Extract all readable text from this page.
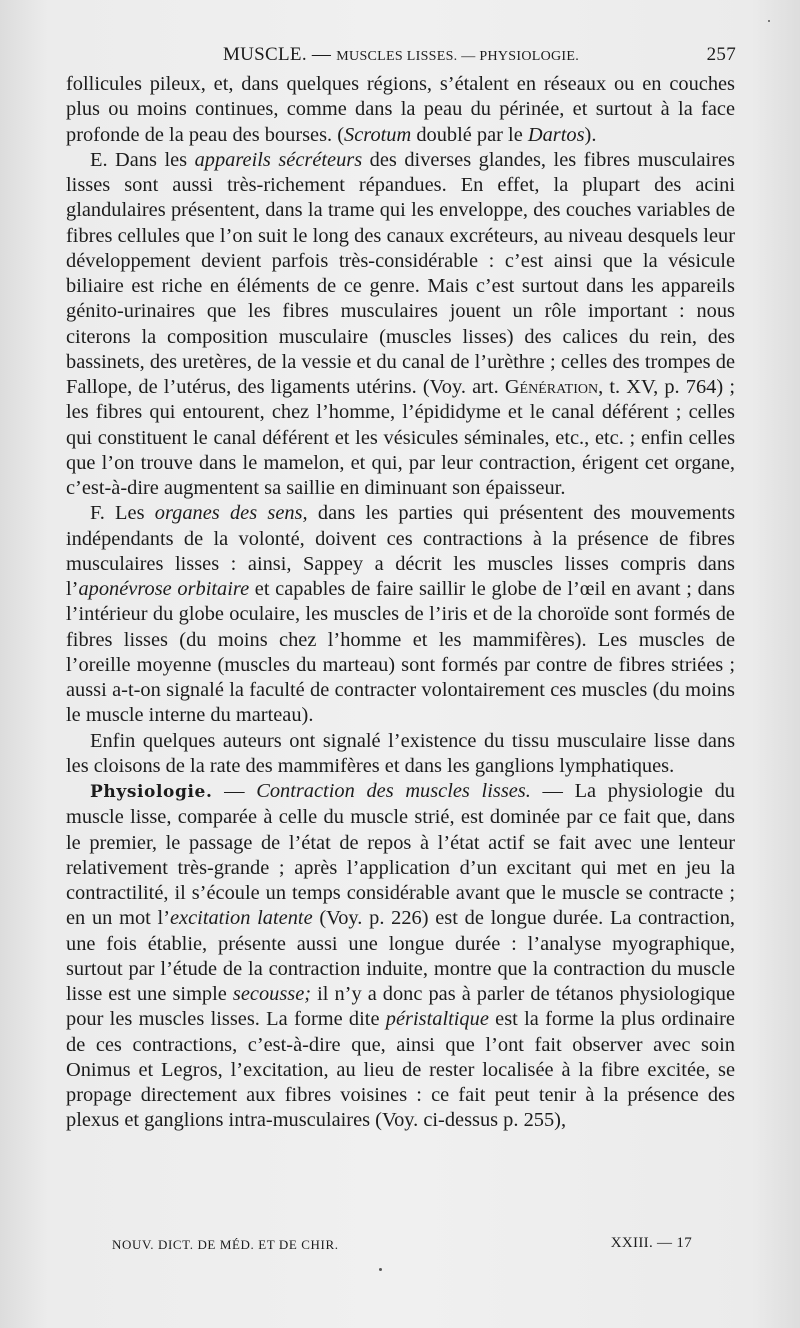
MUSCLE. — MUSCLES LISSES. — PHYSIOLOGIE.	257

follicules pileux, et, dans quelques régions, s’étalent en réseaux ou en couches plus ou moins continues, comme dans la peau du périnée, et surtout à la face profonde de la peau des bourses. (Scrotum doublé par le Dartos).

E. Dans les appareils sécréteurs des diverses glandes, les fibres musculaires lisses sont aussi très-richement répandues. En effet, la plupart des acini glandulaires présentent, dans la trame qui les enveloppe, des couches variables de fibres cellules que l’on suit le long des canaux excréteurs, au niveau desquels leur développement devient parfois très-considérable : c’est ainsi que la vésicule biliaire est riche en éléments de ce genre. Mais c’est surtout dans les appareils génito-urinaires que les fibres musculaires jouent un rôle important : nous citerons la composition musculaire (muscles lisses) des calices du rein, des bassinets, des uretères, de la vessie et du canal de l’urèthre ; celles des trompes de Fallope, de l’utérus, des ligaments utérins. (Voy. art. Génération, t. XV, p. 764) ; les fibres qui entourent, chez l’homme, l’épididyme et le canal déférent ; celles qui constituent le canal déférent et les vésicules séminales, etc., etc. ; enfin celles que l’on trouve dans le mamelon, et qui, par leur contraction, érigent cet organe, c’est-à-dire augmentent sa saillie en diminuant son épaisseur.

F. Les organes des sens, dans les parties qui présentent des mouvements indépendants de la volonté, doivent ces contractions à la présence de fibres musculaires lisses : ainsi, Sappey a décrit les muscles lisses compris dans l’aponévrose orbitaire et capables de faire saillir le globe de l’œil en avant ; dans l’intérieur du globe oculaire, les muscles de l’iris et de la choroïde sont formés de fibres lisses (du moins chez l’homme et les mammifères). Les muscles de l’oreille moyenne (muscles du marteau) sont formés par contre de fibres striées ; aussi a-t-on signalé la faculté de contracter volontairement ces muscles (du moins le muscle interne du marteau).

Enfin quelques auteurs ont signalé l’existence du tissu musculaire lisse dans les cloisons de la rate des mammifères et dans les ganglions lymphatiques.

Physiologie. — Contraction des muscles lisses. — La physiologie du muscle lisse, comparée à celle du muscle strié, est dominée par ce fait que, dans le premier, le passage de l’état de repos à l’état actif se fait avec une lenteur relativement très-grande ; après l’application d’un excitant qui met en jeu la contractilité, il s’écoule un temps considérable avant que le muscle se contracte ; en un mot l’excitation latente (Voy. p. 226) est de longue durée. La contraction, une fois établie, présente aussi une longue durée : l’analyse myographique, surtout par l’étude de la contraction induite, montre que la contraction du muscle lisse est une simple secousse; il n’y a donc pas à parler de tétanos physiologique pour les muscles lisses. La forme dite péristaltique est la forme la plus ordinaire de ces contractions, c’est-à-dire que, ainsi que l’ont fait observer avec soin Onimus et Legros, l’excitation, au lieu de rester localisée à la fibre excitée, se propage directement aux fibres voisines : ce fait peut tenir à la présence des plexus et ganglions intra-musculaires (Voy. ci-dessus p. 255),

NOUV. DICT. DE MÉD. ET DE CHIR.	XXIII. — 17
